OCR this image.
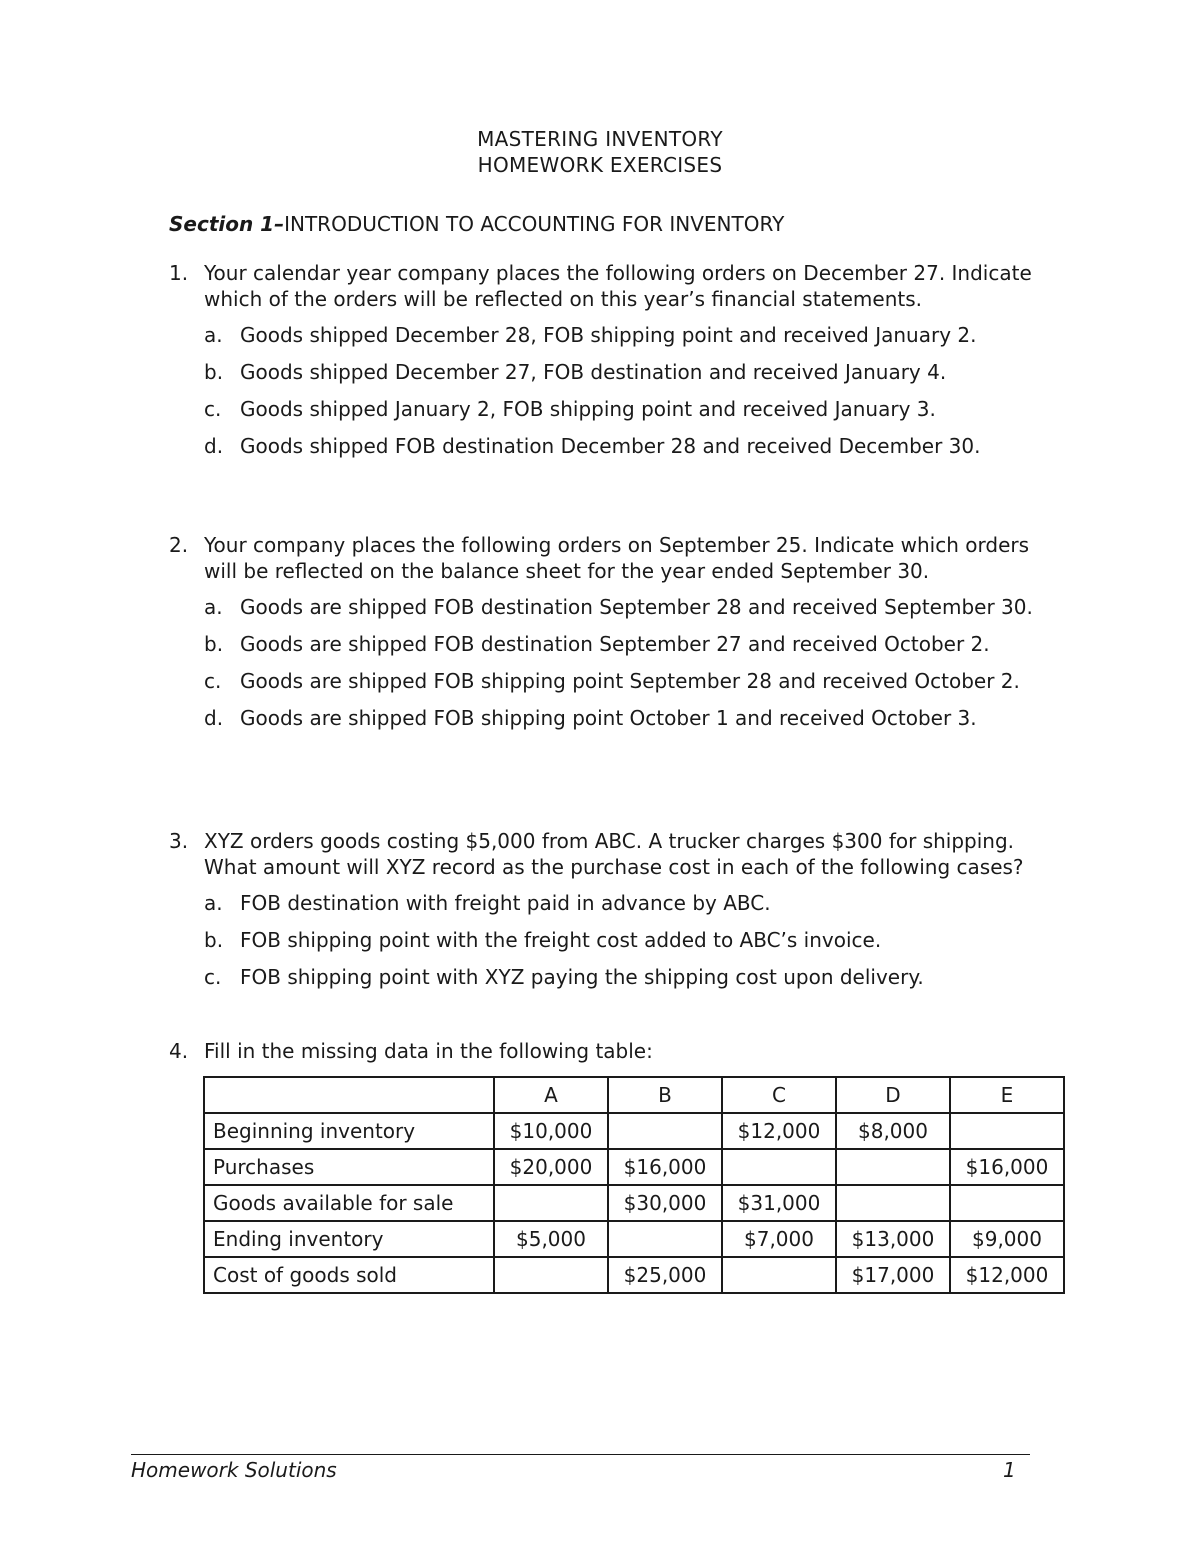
MASTERING INVENTORY
HOMEWORK EXERCISES
Section 1–INTRODUCTION TO ACCOUNTING FOR INVENTORY
1. Your calendar year company places the following orders on December 27. Indicate which of the orders will be reflected on this year’s financial statements.
a. Goods shipped December 28, FOB shipping point and received January 2.
b. Goods shipped December 27, FOB destination and received January 4.
c. Goods shipped January 2, FOB shipping point and received January 3.
d. Goods shipped FOB destination December 28 and received December 30.
2. Your company places the following orders on September 25. Indicate which orders will be reflected on the balance sheet for the year ended September 30.
a. Goods are shipped FOB destination September 28 and received September 30.
b. Goods are shipped FOB destination September 27 and received October 2.
c. Goods are shipped FOB shipping point September 28 and received October 2.
d. Goods are shipped FOB shipping point October 1 and received October 3.
3. XYZ orders goods costing $5,000 from ABC. A trucker charges $300 for shipping. What amount will XYZ record as the purchase cost in each of the following cases?
a. FOB destination with freight paid in advance by ABC.
b. FOB shipping point with the freight cost added to ABC’s invoice.
c. FOB shipping point with XYZ paying the shipping cost upon delivery.
4. Fill in the missing data in the following table:
	A	B	C	D	E
Beginning inventory	$10,000		$12,000	$8,000	
Purchases	$20,000	$16,000			$16,000
Goods available for sale		$30,000	$31,000		
Ending inventory	$5,000		$7,000	$13,000	$9,000
Cost of goods sold		$25,000		$17,000	$12,000
Homework Solutions	1
